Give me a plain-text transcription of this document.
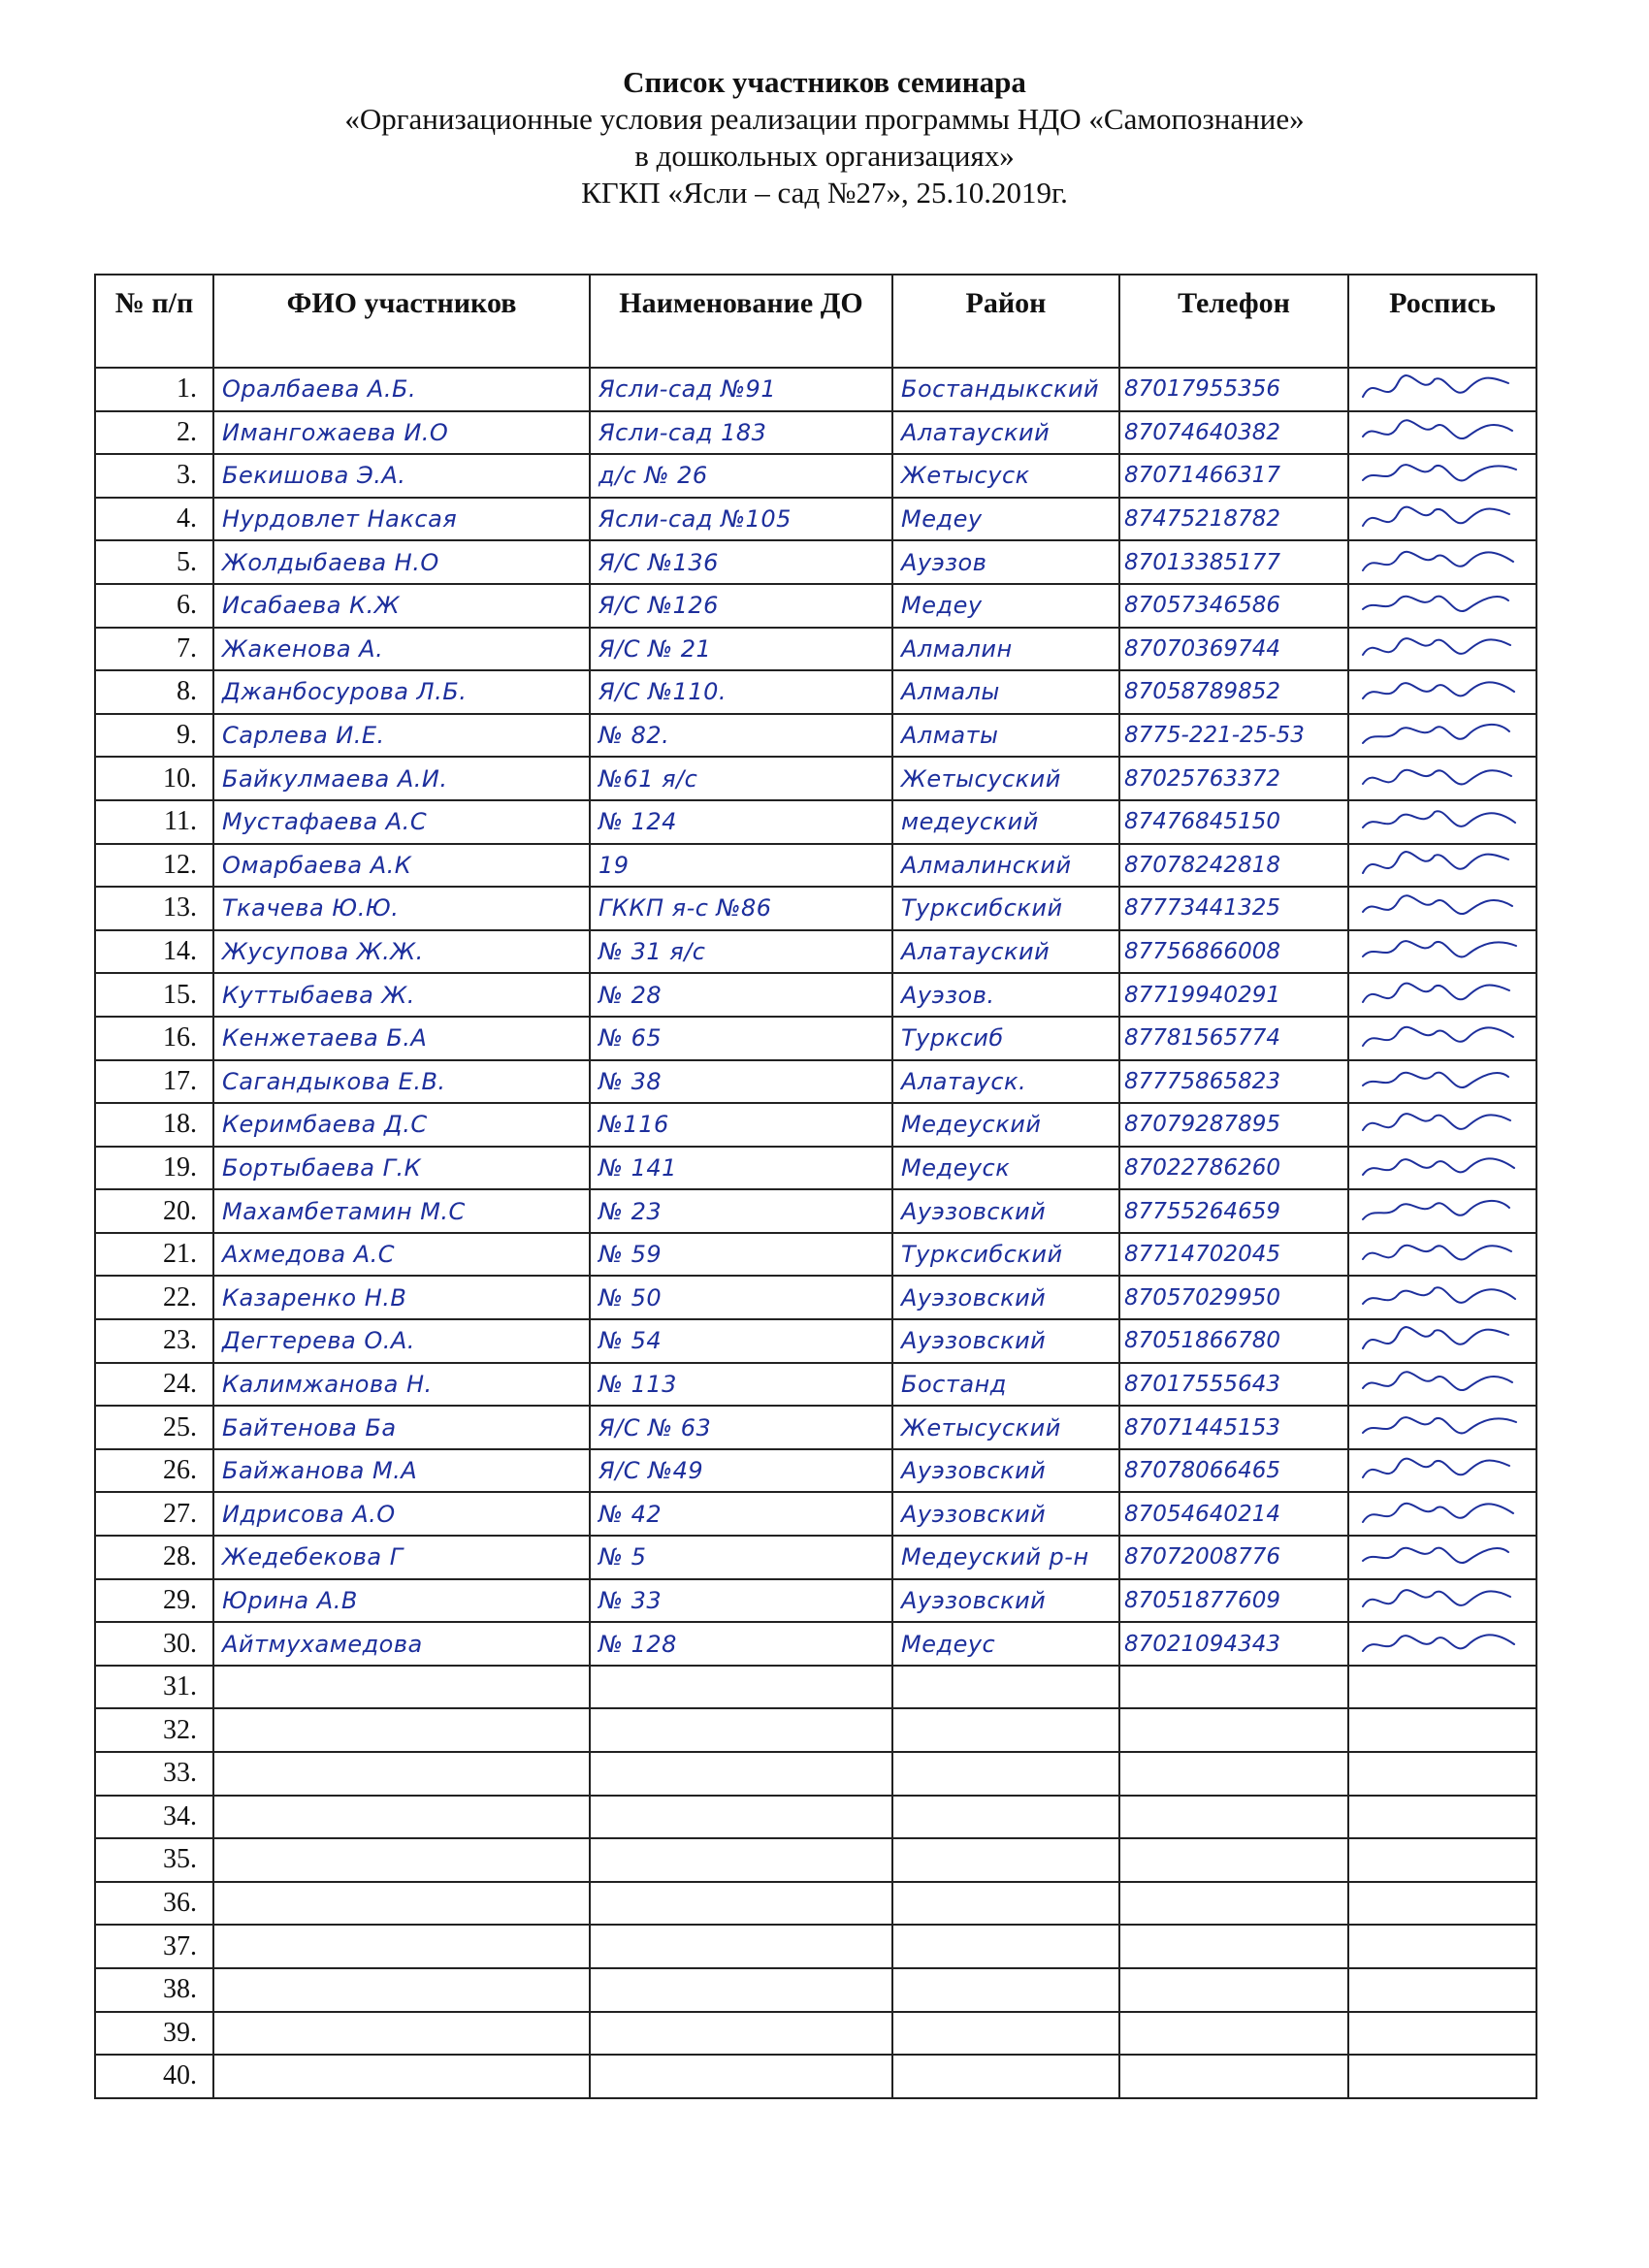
Список участников семинара
«Организационные условия реализации программы НДО «Самопознание»
в дошкольных организациях»
КГКП «Ясли – сад №27», 25.10.2019г.
№ п/п	ФИО участников	Наименование ДО	Район	Телефон	Роспись
1.	Оралбаева А.Б.	Ясли-сад №91	Бостандыкский	87017955356	

2.	Имангожаева И.О	Ясли-сад 183	Алатауский	87074640382	

3.	Бекишова Э.А.	д/с № 26	Жетысуск	87071466317	

4.	Нурдовлет Наксая	Ясли-сад №105	Медеу	87475218782	

5.	Жолдыбаева Н.О	Я/С №136	Ауэзов	87013385177	

6.	Исабаева К.Ж	Я/С №126	Медеу	87057346586	

7.	Жакенова А.	Я/С № 21	Алмалин	87070369744	

8.	Джанбосурова Л.Б.	Я/С №110.	Алмалы	87058789852	

9.	Сарлева И.Е.	№ 82.	Алматы	8775-221-25-53	

10.	Байкулмаева А.И.	№61 я/с	Жетысуский	87025763372	

11.	Мустафаева А.С	№ 124	медеуский	87476845150	

12.	Омарбаева А.К	19	Алмалинский	87078242818	

13.	Ткачева Ю.Ю.	ГККП я-с №86	Турксибский	87773441325	

14.	Жусупова Ж.Ж.	№ 31 я/с	Алатауский	87756866008	

15.	Куттыбаева Ж.	№ 28	Ауэзов.	87719940291	

16.	Кенжетаева Б.А	№ 65	Турксиб	87781565774	

17.	Сагандыкова Е.В.	№ 38	Алатауск.	87775865823	

18.	Керимбаева Д.С	№116	Медеуский	87079287895	

19.	Бортыбаева Г.К	№ 141	Медеуск	87022786260	

20.	Махамбетамин М.С	№ 23	Ауэзовский	87755264659	

21.	Ахмедова А.С	№ 59	Турксибский	87714702045	

22.	Казаренко Н.В	№ 50	Ауэзовский	87057029950	

23.	Дегтерева О.А.	№ 54	Ауэзовский	87051866780	

24.	Калимжанова Н.	№ 113	Бостанд	87017555643	

25.	Байтенова Ба	Я/С № 63	Жетысуский	87071445153	

26.	Байжанова М.А	Я/С №49	Ауэзовский	87078066465	

27.	Идрисова А.О	№ 42	Ауэзовский	87054640214	

28.	Жедебекова Г	№ 5	Медеуский р-н	87072008776	

29.	Юрина А.В	№ 33	Ауэзовский	87051877609	

30.	Айтмухамедова	№ 128	Медеус	87021094343	

31.					
32.					
33.					
34.					
35.					
36.					
37.					
38.					
39.					
40.					
